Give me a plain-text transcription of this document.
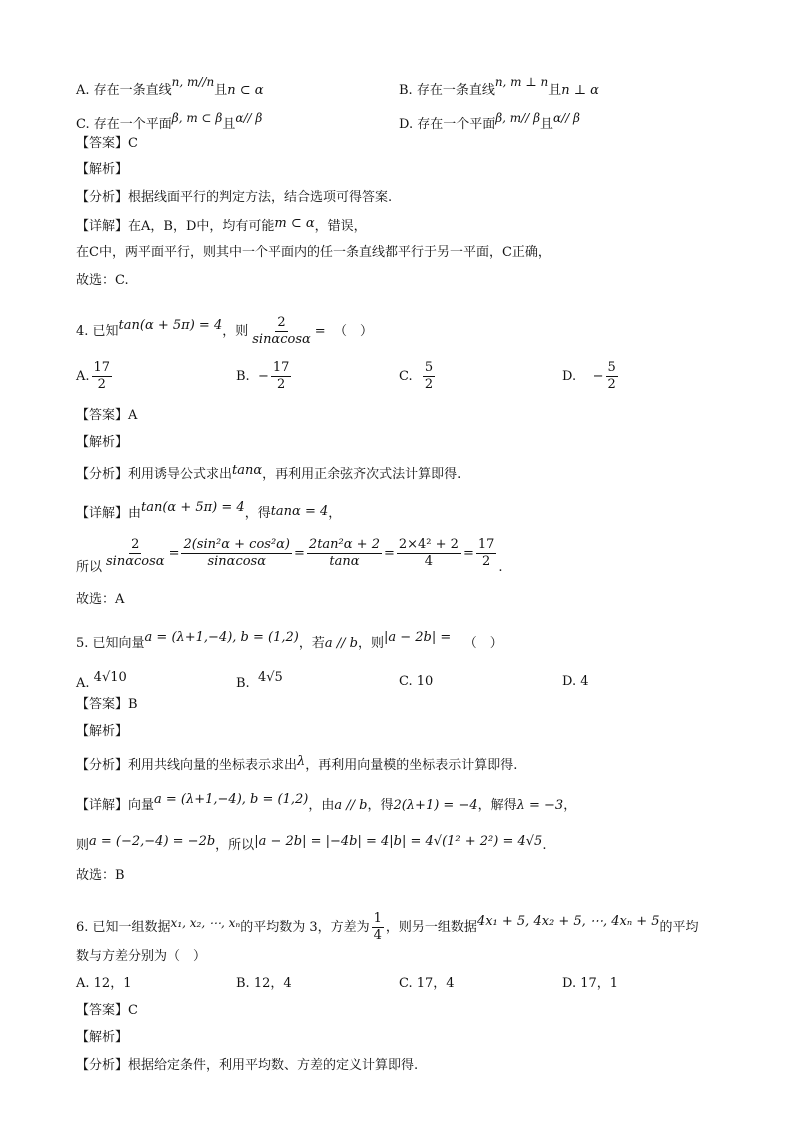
A. 存在一条直线n, m//n且n ⊂ α	B. 存在一条直线n, m ⊥ n且n ⊥ α
C. 存在一个平面β, m ⊂ β且α// β	D. 存在一个平面β, m// β且α// β
【答案】C
【解析】
【分析】根据线面平行的判定方法，结合选项可得答案.
【详解】在A，B，D中，均有可能m ⊂ α，错误，
在C中，两平面平行，则其中一个平面内的任一条直线都平行于另一平面，C正确，
故选：C.
4. 已知tan(α + 5π) = 4，则 $\frac{2}{\sin\alpha\cos\alpha}$ = （　）
A. $\frac{17}{2}$	B. − $\frac{17}{2}$	C. $\frac{5}{2}$	D. − $\frac{5}{2}$
【答案】A
【解析】
【分析】利用诱导公式求出tanα，再利用正余弦齐次式法计算即得.
【详解】由tan(α + 5π) = 4，得tanα = 4，
所以 $\frac{2}{\sin\alpha\cos\alpha} = \frac{\text{2(sin²α + cos²α)}}{\sin\alpha\cos\alpha} = \frac{\text{2tan²α + 2}}{\tan\alpha} = \frac{\text{2×4² + 2}}{4} = \frac{17}{2}$ .
故选：A
5. 已知向量a = (λ+1,−4), b = (1,2)，若a // b，则|a − 2b| = （　）
A. 4√10	B. 4√5	C. 10	D. 4
【答案】B
【解析】
【分析】利用共线向量的坐标表示求出λ，再利用向量模的坐标表示计算即得.
【详解】向量a = (λ+1,−4), b = (1,2)，由a // b，得2(λ+1) = −4，解得λ = −3，
则a = (−2,−4) = −2b，所以|a − 2b| = |−4b| = 4|b| = 4√(1² + 2²) = 4√5.
故选：B
6. 已知一组数据x₁, x₂, ⋯, xₙ的平均数为 3，方差为 $\frac{1}{4}$ ，则另一组数据4x₁ + 5, 4x₂ + 5, ⋯, 4xₙ + 5的平均
数与方差分别为（　）
A. 12，1	B. 12，4	C. 17，4	D. 17，1
【答案】C
【解析】
【分析】根据给定条件，利用平均数、方差的定义计算即得.
